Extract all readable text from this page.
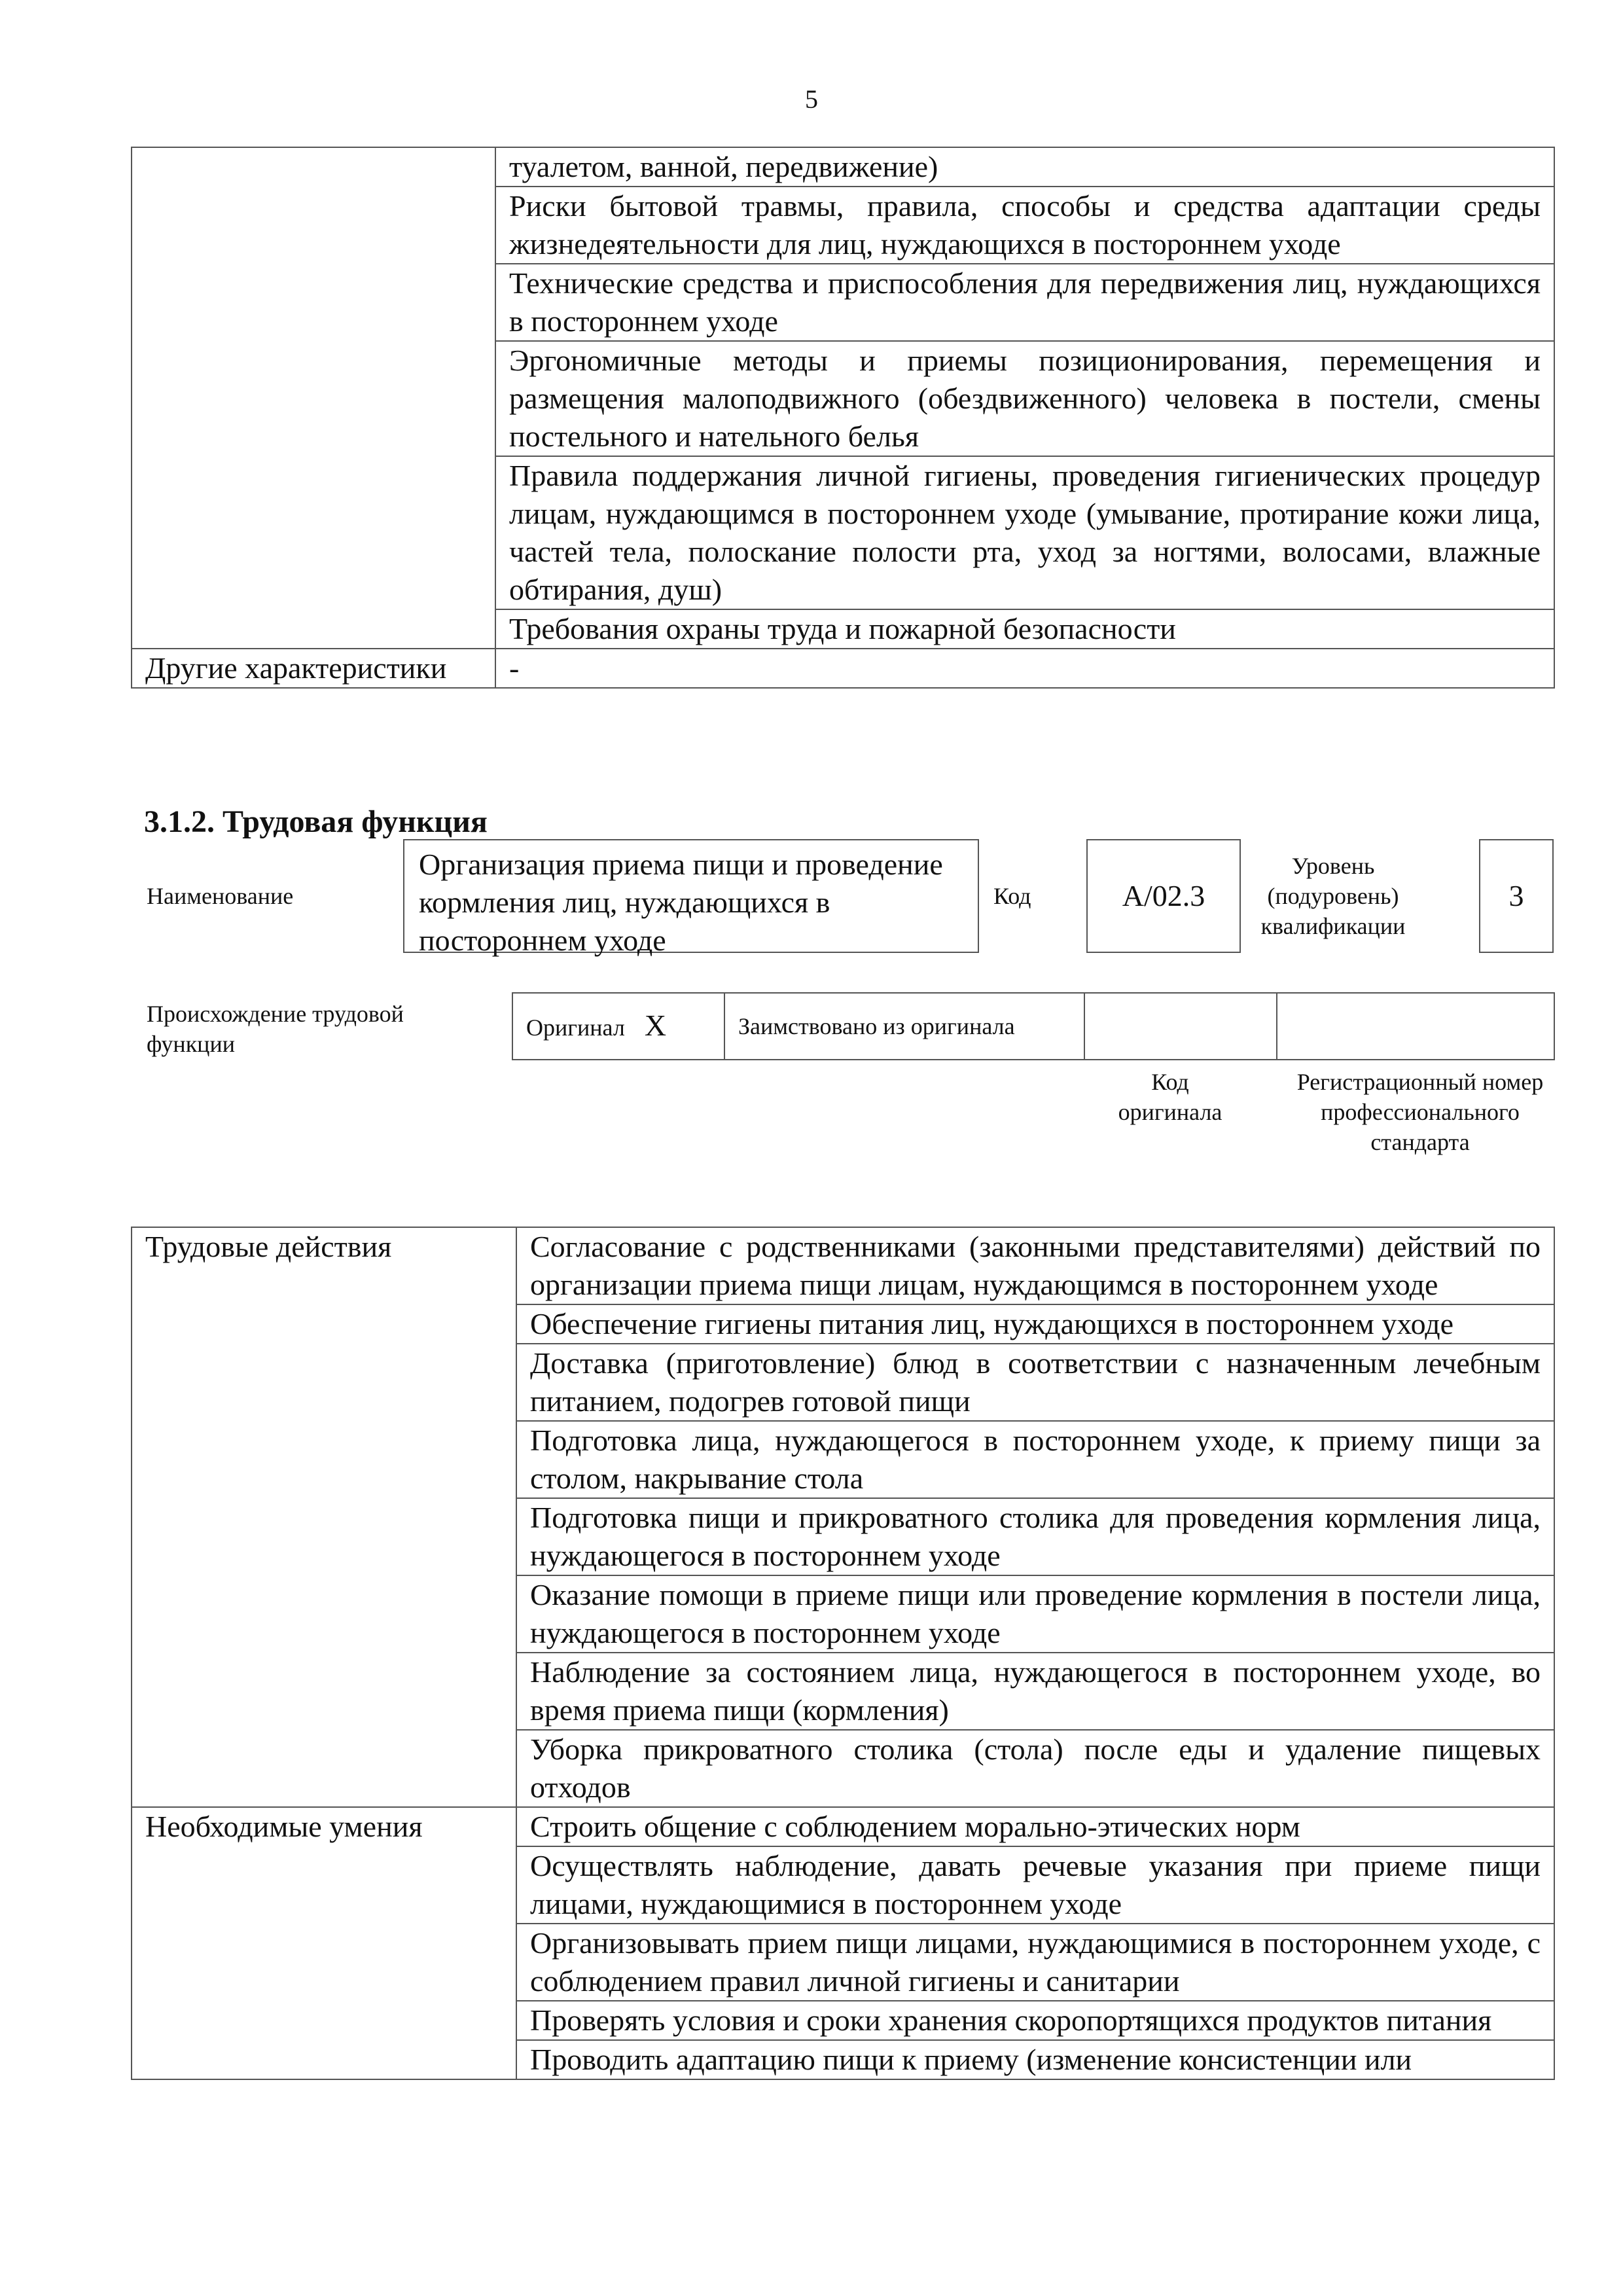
5
	туалетом, ванной, передвижение)
	Риски бытовой травмы, правила, способы и средства адаптации среды жизнедеятельности для лиц, нуждающихся в постороннем уходе
	Технические средства и приспособления для передвижения лиц, нуждающихся в постороннем уходе
	Эргономичные методы и приемы позиционирования, перемещения и размещения малоподвижного (обездвиженного) человека в постели, смены постельного и нательного белья
	Правила поддержания личной гигиены, проведения гигиенических процедур лицам, нуждающимся в постороннем уходе (умывание, протирание кожи лица, частей тела, полоскание полости рта, уход за ногтями, волосами, влажные обтирания, душ)
	Требования охраны труда и пожарной безопасности
Другие характеристики	-
3.1.2. Трудовая функция
Наименование
Организация приема пищи и проведение кормления лиц, нуждающихся в постороннем уходе
Код	A/02.3
Уровень (подуровень) квалификации
3
Происхождение трудовой функции
Оригинал X	Заимствовано из оригинала		
Код оригинала
Регистрационный номер профессионального стандарта
Трудовые действия	Согласование с родственниками (законными представителями) действий по организации приема пищи лицам, нуждающимся в постороннем уходе
	Обеспечение гигиены питания лиц, нуждающихся в постороннем уходе
	Доставка (приготовление) блюд в соответствии с назначенным лечебным питанием, подогрев готовой пищи
	Подготовка лица, нуждающегося в постороннем уходе, к приему пищи за столом, накрывание стола
	Подготовка пищи и прикроватного столика для проведения кормления лица, нуждающегося в постороннем уходе
	Оказание помощи в приеме пищи или проведение кормления в постели лица, нуждающегося в постороннем уходе
	Наблюдение за состоянием лица, нуждающегося в постороннем уходе, во время приема пищи (кормления)
	Уборка прикроватного столика (стола) после еды и удаление пищевых отходов
Необходимые умения	Строить общение с соблюдением морально-этических норм
	Осуществлять наблюдение, давать речевые указания при приеме пищи лицами, нуждающимися в постороннем уходе
	Организовывать прием пищи лицами, нуждающимися в постороннем уходе, с соблюдением правил личной гигиены и санитарии
	Проверять условия и сроки хранения скоропортящихся продуктов питания
	Проводить адаптацию пищи к приему (изменение консистенции или
